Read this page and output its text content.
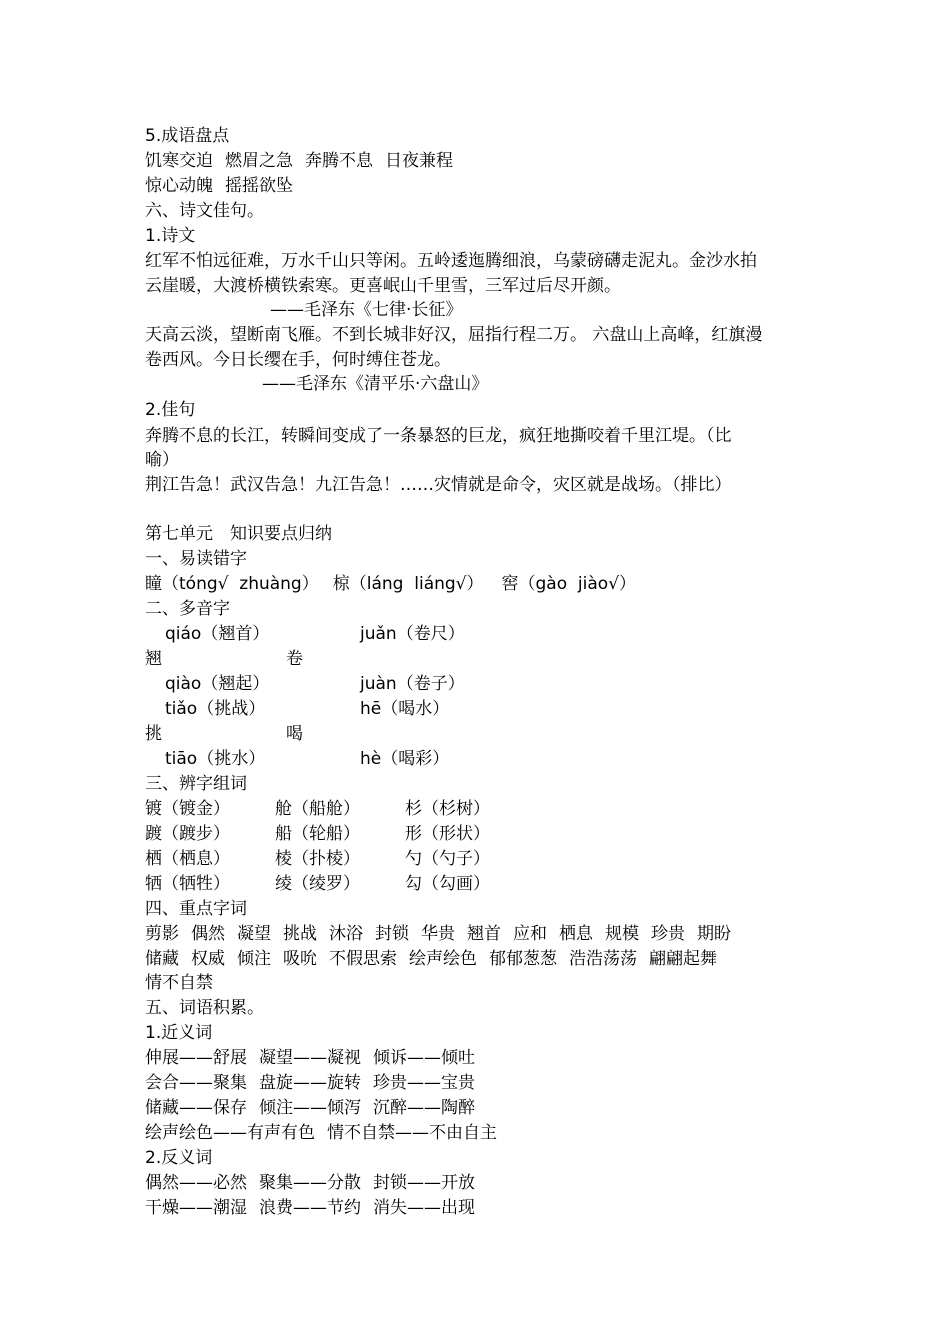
5.成语盘点
饥寒交迫 燃眉之急 奔腾不息 日夜兼程
惊心动魄 摇摇欲坠
六、诗文佳句。
1.诗文
红军不怕远征难，万水千山只等闲。五岭逶迤腾细浪，乌蒙磅礴走泥丸。金沙水拍
云崖暖，大渡桥横铁索寒。更喜岷山千里雪，三军过后尽开颜。
——毛泽东《七律·长征》
天高云淡，望断南飞雁。不到长城非好汉，屈指行程二万。 六盘山上高峰，红旗漫
卷西风。今日长缨在手，何时缚住苍龙。
——毛泽东《清平乐·六盘山》
2.佳句
奔腾不息的长江，转瞬间变成了一条暴怒的巨龙，疯狂地撕咬着千里江堤。（比
喻）
荆江告急！武汉告急！九江告急！……灾情就是命令，灾区就是战场。（排比）
第七单元　知识要点归纳
一、易读错字
瞳（tóng√  zhuàng） 椋（láng  liáng√） 窖（gào  jiào√）
二、多音字
qiáo（翘首）	juǎn（卷尺）
翘	卷
qiào（翘起）	juàn（卷子）
tiǎo（挑战）	hē（喝水）
挑	喝
tiāo（挑水）	hè（喝彩）
三、辨字组词
镀（镀金）	舱（船舱）	杉（杉树）
踱（踱步）	船（轮船）	形（形状）
栖（栖息）	棱（扑棱）	勺（勺子）
牺（牺牲）	绫（绫罗）	勾（勾画）
四、重点字词
剪影 偶然 凝望 挑战 沐浴 封锁 华贵 翘首 应和 栖息 规模 珍贵 期盼
储藏 权威 倾注 吸吮 不假思索 绘声绘色 郁郁葱葱 浩浩荡荡 翩翩起舞
情不自禁
五、词语积累。
1.近义词
伸展——舒展 凝望——凝视 倾诉——倾吐
会合——聚集 盘旋——旋转 珍贵——宝贵
储藏——保存 倾注——倾泻 沉醉——陶醉
绘声绘色——有声有色 情不自禁——不由自主
2.反义词
偶然——必然 聚集——分散 封锁——开放
干燥——潮湿 浪费——节约 消失——出现
